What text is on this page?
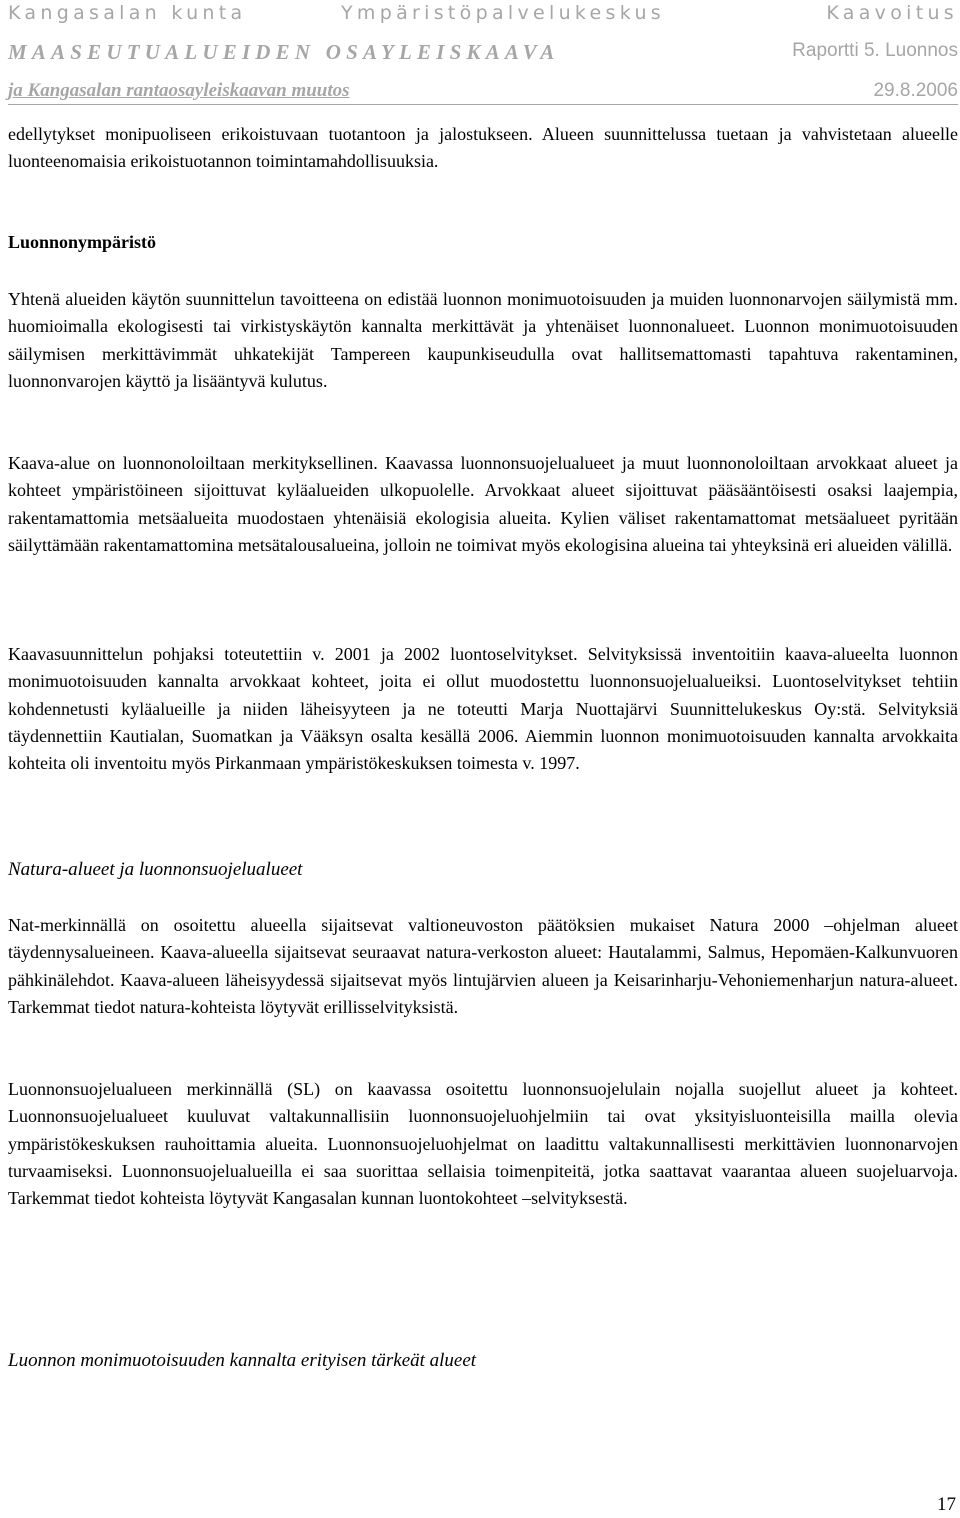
Kangasalan kunta	Ympäristöpalvelukeskus	Kaavoitus
MAASEUTUALUEIDEN OSAYLEISKAAVA	Raportti 5. Luonnos
ja Kangasalan rantaosayleiskaavan muutos	29.8.2006

edellytykset monipuoliseen erikoistuvaan tuotantoon ja jalostukseen. Alueen suunnittelussa tuetaan ja vahvistetaan alueelle luonteenomaisia erikoistuotannon toimintamahdollisuuksia.

Luonnonympäristö

Yhtenä alueiden käytön suunnittelun tavoitteena on edistää luonnon monimuotoisuuden ja muiden luonnonarvojen säilymistä mm. huomioimalla ekologisesti tai virkistyskäytön kannalta merkittävät ja yhtenäiset luonnonalueet. Luonnon monimuotoisuuden säilymisen merkittävimmät uhkatekijät Tampereen kaupunkiseudulla ovat hallitsemattomasti tapahtuva rakentaminen, luonnonvarojen käyttö ja lisääntyvä kulutus.

Kaava-alue on luonnonoloiltaan merkityksellinen. Kaavassa luonnonsuojelualueet ja muut luonnonoloiltaan arvokkaat alueet ja kohteet ympäristöineen sijoittuvat kyläalueiden ulkopuolelle. Arvokkaat alueet sijoittuvat pääsääntöisesti osaksi laajempia, rakentamattomia metsäalueita muodostaen yhtenäisiä ekologisia alueita. Kylien väliset rakentamattomat metsäalueet pyritään säilyttämään rakentamattomina metsätalousalueina, jolloin ne toimivat myös ekologisina alueina tai yhteyksinä eri alueiden välillä.

Kaavasuunnittelun pohjaksi toteutettiin v. 2001 ja 2002 luontoselvitykset. Selvityksissä inventoitiin kaava-alueelta luonnon monimuotoisuuden kannalta arvokkaat kohteet, joita ei ollut muodostettu luonnonsuojelualueiksi. Luontoselvitykset tehtiin kohdennetusti kyläalueille ja niiden läheisyyteen ja ne toteutti Marja Nuottajärvi Suunnittelukeskus Oy:stä. Selvityksiä täydennettiin Kautialan, Suomatkan ja Vääksyn osalta kesällä 2006. Aiemmin luonnon monimuotoisuuden kannalta arvokkaita kohteita oli inventoitu myös Pirkanmaan ympäristökeskuksen toimesta v. 1997.

Natura-alueet ja luonnonsuojelualueet

Nat-merkinnällä on osoitettu alueella sijaitsevat valtioneuvoston päätöksien mukaiset Natura 2000 –ohjelman alueet täydennysalueineen. Kaava-alueella sijaitsevat seuraavat natura-verkoston alueet: Hautalammi, Salmus, Hepomäen-Kalkunvuoren pähkinälehdot. Kaava-alueen läheisyydessä sijaitsevat myös lintujärvien alueen ja Keisarinharju-Vehoniemenharjun natura-alueet. Tarkemmat tiedot natura-kohteista löytyvät erillisselvityksistä.

Luonnonsuojelualueen merkinnällä (SL) on kaavassa osoitettu luonnonsuojelulain nojalla suojellut alueet ja kohteet. Luonnonsuojelualueet kuuluvat valtakunnallisiin luonnonsuojeluohjelmiin tai ovat yksityisluonteisilla mailla olevia ympäristökeskuksen rauhoittamia alueita. Luonnonsuojeluohjelmat on laadittu valtakunnallisesti merkittävien luonnonarvojen turvaamiseksi. Luonnonsuojelualueilla ei saa suorittaa sellaisia toimenpiteitä, jotka saattavat vaarantaa alueen suojeluarvoja. Tarkemmat tiedot kohteista löytyvät Kangasalan kunnan luontokohteet –selvityksestä.

Luonnon monimuotoisuuden kannalta erityisen tärkeät alueet

17
